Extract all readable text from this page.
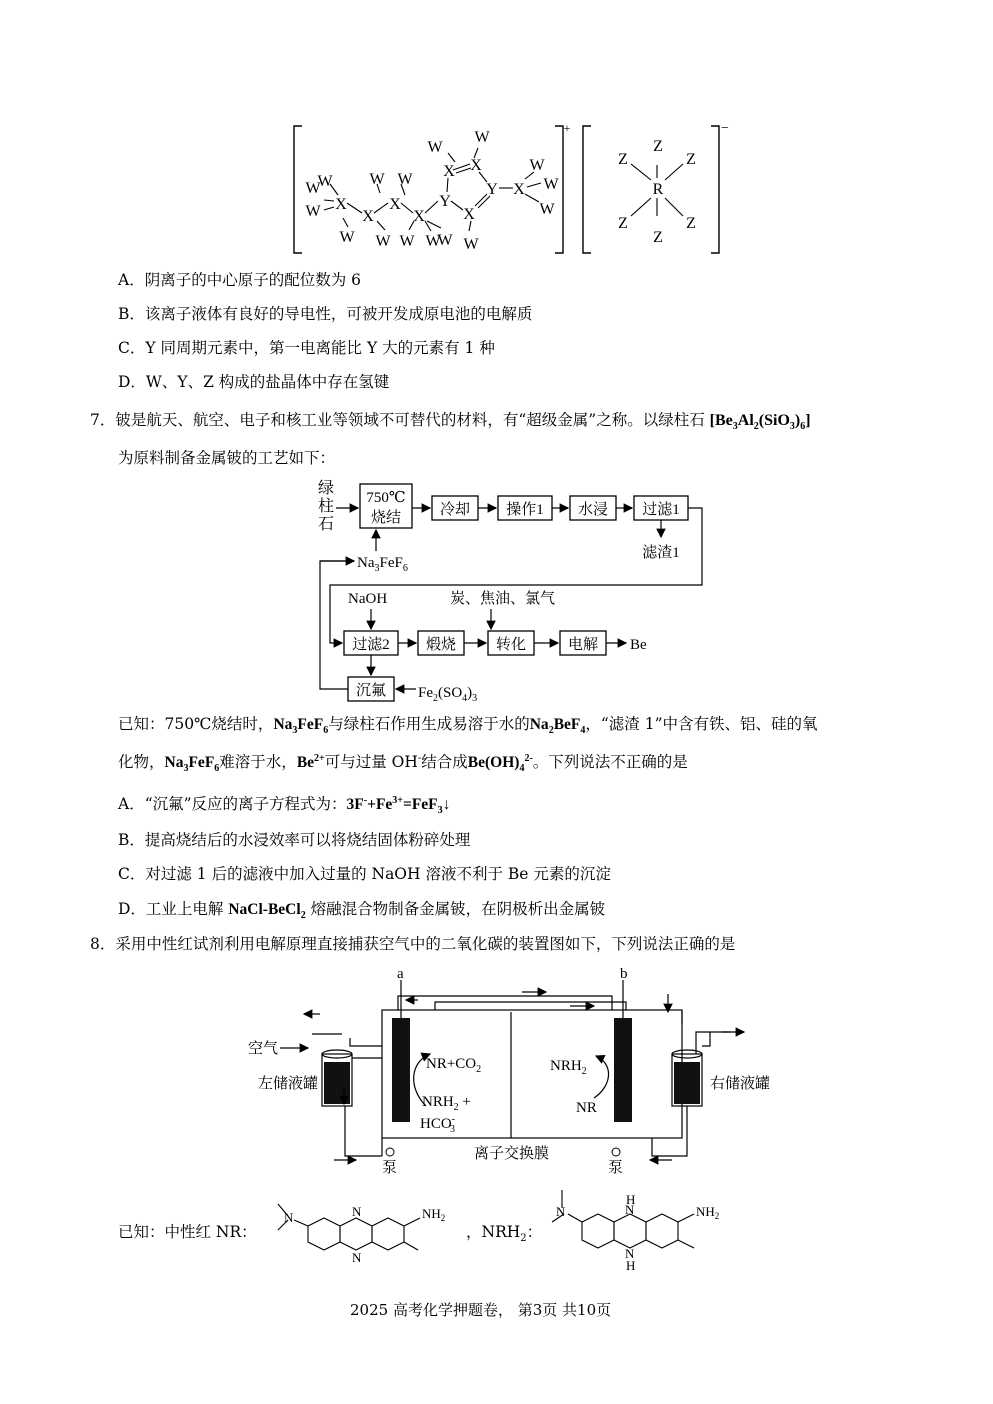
X
X
X
X
Y
X X
Y
X
X
W
W
W
W
W
W
W
W W
W
W
W
W
W
W
W
+	−
R
Z
Z	Z
Z	Z
Z
A．阴离子的中心原子的配位数为 6
B．该离子液体有良好的导电性，可被开发成原电池的电解质
C．Y 同周期元素中，第一电离能比 Y 大的元素有 1 种
D．W、Y、Z 构成的盐晶体中存在氢键
7．铍是航天、航空、电子和核工业等领域不可替代的材料，有“超级金属”之称。以绿柱石 $[Be_3Al_2(SiO_3)_6]$
为原料制备金属铍的工艺如下：
绿
柱
石
750℃
烧结	冷却 操作1 水浸 过滤1
滤渣1
$Na_3FeF_6$
NaOH	炭、焦油、氯气
过滤2 煅烧	转化	电解 Be
沉氟 $Fe_2(SO_4)_3$
已知：750℃烧结时，$Na_3FeF_6$与绿柱石作用生成易溶于水的$Na_2BeF_4$，“滤渣 1”中含有铁、铝、硅的氧
化物，$Na_3FeF_6$难溶于水，$Be^{2+}$可与过量 OH-结合成$Be(OH)_4^{2-}$。下列说法不正确的是
A．“沉氟”反应的离子方程式为：$3F^-+Fe^{3+}=FeF_3↓$
B．提高烧结后的水浸效率可以将烧结固体粉碎处理
C．对过滤 1 后的滤液中加入过量的 NaOH 溶液不利于 Be 元素的沉淀
D．工业上电解 NaCl-BeCl$_2$ 熔融混合物制备金属铍，在阴极析出金属铍
8．采用中性红试剂利用电解原理直接捕获空气中的二氧化碳的装置图如下，下列说法正确的是
a	b
空气
左储液罐	右储液罐
$NR+CO_2$
$NRH_2$ +
HCO-3
$NRH_2$
NR
泵	泵
离子交换膜
已知：中性红 NR：
N	N
N
$NH_2$
，$NRH_2$：
N
H
N
N
H
$NH_2$
2025 高考化学押题卷， 第3页 共10页
